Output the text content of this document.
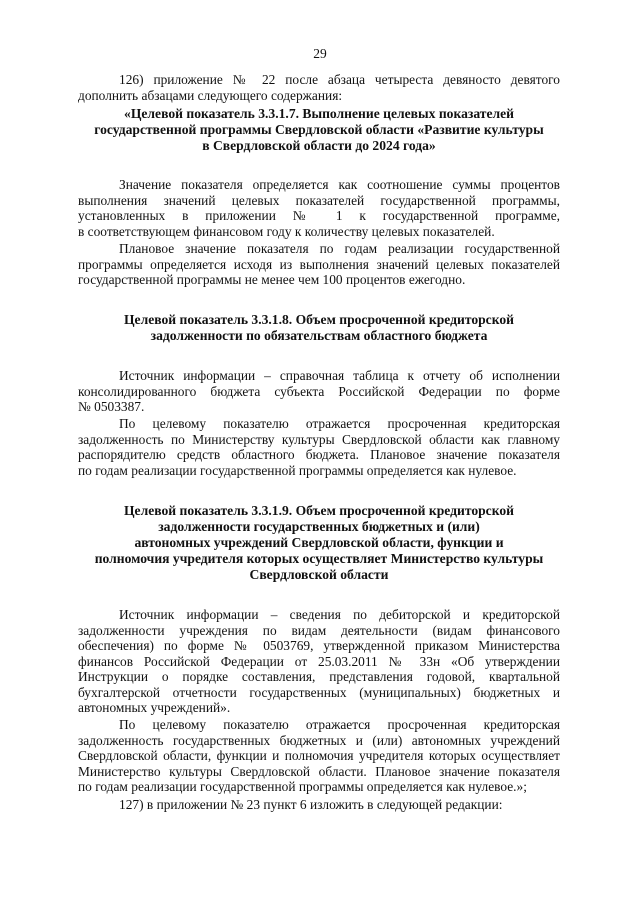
29

126) приложение № 22 после абзаца четыреста девяносто девятого

дополнить абзацами следующего содержания:

«Целевой показатель 3.3.1.7. Выполнение целевых показателей
государственной программы Свердловской области «Развитие культуры
в Свердловской области до 2024 года»

Значение показателя определяется как соотношение суммы процентов

выполнения значений целевых показателей государственной программы,

установленных в приложении № 1 к государственной программе,

в соответствующем финансовом году к количеству целевых показателей.

Плановое значение показателя по годам реализации государственной

программы определяется исходя из выполнения значений целевых показателей

государственной программы не менее чем 100 процентов ежегодно.

Целевой показатель 3.3.1.8. Объем просроченной кредиторской
задолженности по обязательствам областного бюджета

Источник информации – справочная таблица к отчету об исполнении

консолидированного бюджета субъекта Российской Федерации по форме

№ 0503387.

По целевому показателю отражается просроченная кредиторская

задолженность по Министерству культуры Свердловской области как главному

распорядителю средств областного бюджета. Плановое значение показателя

по годам реализации государственной программы определяется как нулевое.

Целевой показатель 3.3.1.9. Объем просроченной кредиторской
задолженности государственных бюджетных и (или)
автономных учреждений Свердловской области, функции и
полномочия учредителя которых осуществляет Министерство культуры
Свердловской области

Источник информации – сведения по дебиторской и кредиторской

задолженности учреждения по видам деятельности (видам финансового

обеспечения) по форме № 0503769, утвержденной приказом Министерства

финансов Российской Федерации от 25.03.2011 № 33н «Об утверждении

Инструкции о порядке составления, представления годовой, квартальной

бухгалтерской отчетности государственных (муниципальных) бюджетных и

автономных учреждений».

По целевому показателю отражается просроченная кредиторская

задолженность государственных бюджетных и (или) автономных учреждений

Свердловской области, функции и полномочия учредителя которых осуществляет

Министерство культуры Свердловской области. Плановое значение показателя

по годам реализации государственной программы определяется как нулевое.»;

127) в приложении № 23 пункт 6 изложить в следующей редакции:
